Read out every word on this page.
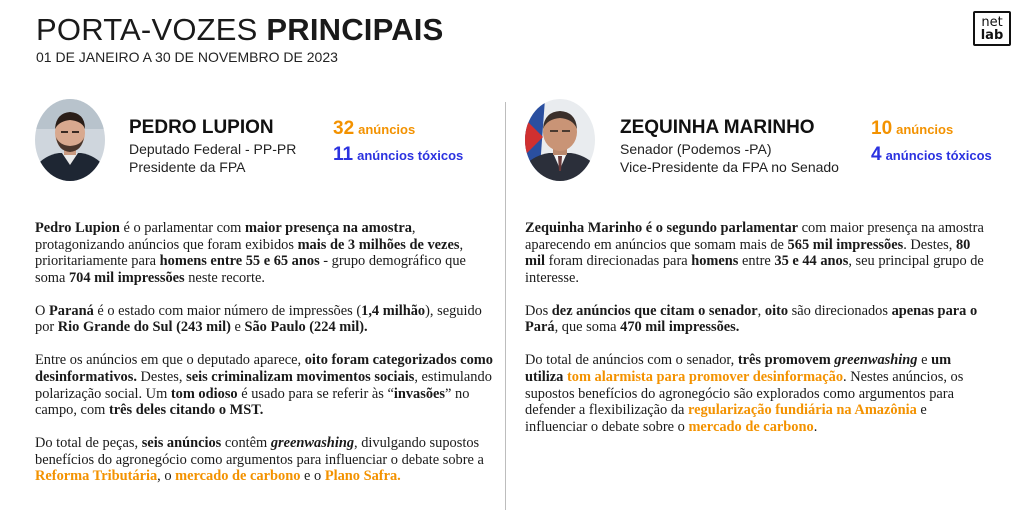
PORTA-VOZES PRINCIPAIS
01 DE JANEIRO A 30 DE NOVEMBRO DE 2023
net
lab
PEDRO LUPION
Deputado Federal - PP-PR
Presidente da FPA
32 anúncios
11 anúncios tóxicos

Pedro Lupion é o parlamentar com maior presença na amostra, protagonizando anúncios que foram exibidos mais de 3 milhões de vezes, prioritariamente para homens entre 55 e 65 anos - grupo demográfico que soma 704 mil impressões neste recorte.

O Paraná é o estado com maior número de impressões (1,4 milhão), seguido por Rio Grande do Sul (243 mil) e São Paulo (224 mil).

Entre os anúncios em que o deputado aparece, oito foram categorizados como desinformativos. Destes, seis criminalizam movimentos sociais, estimulando polarização social. Um tom odioso é usado para se referir às “invasões” no campo, com três deles citando o MST.

Do total de peças, seis anúncios contêm greenwashing, divulgando supostos benefícios do agronegócio como argumentos para influenciar o debate sobre a Reforma Tributária, o mercado de carbono e o Plano Safra.

ZEQUINHA MARINHO
Senador (Podemos -PA)
Vice-Presidente da FPA no Senado
10 anúncios
4 anúncios tóxicos

Zequinha Marinho é o segundo parlamentar com maior presença na amostra aparecendo em anúncios que somam mais de 565 mil impressões. Destes, 80 mil foram direcionadas para homens entre 35 e 44 anos, seu principal grupo de interesse.

Dos dez anúncios que citam o senador, oito são direcionados apenas para o Pará, que soma 470 mil impressões.

Do total de anúncios com o senador, três promovem greenwashing e um utiliza tom alarmista para promover desinformação. Nestes anúncios, os supostos benefícios do agronegócio são explorados como argumentos para defender a flexibilização da regularização fundiária na Amazônia e influenciar o debate sobre o mercado de carbono.
